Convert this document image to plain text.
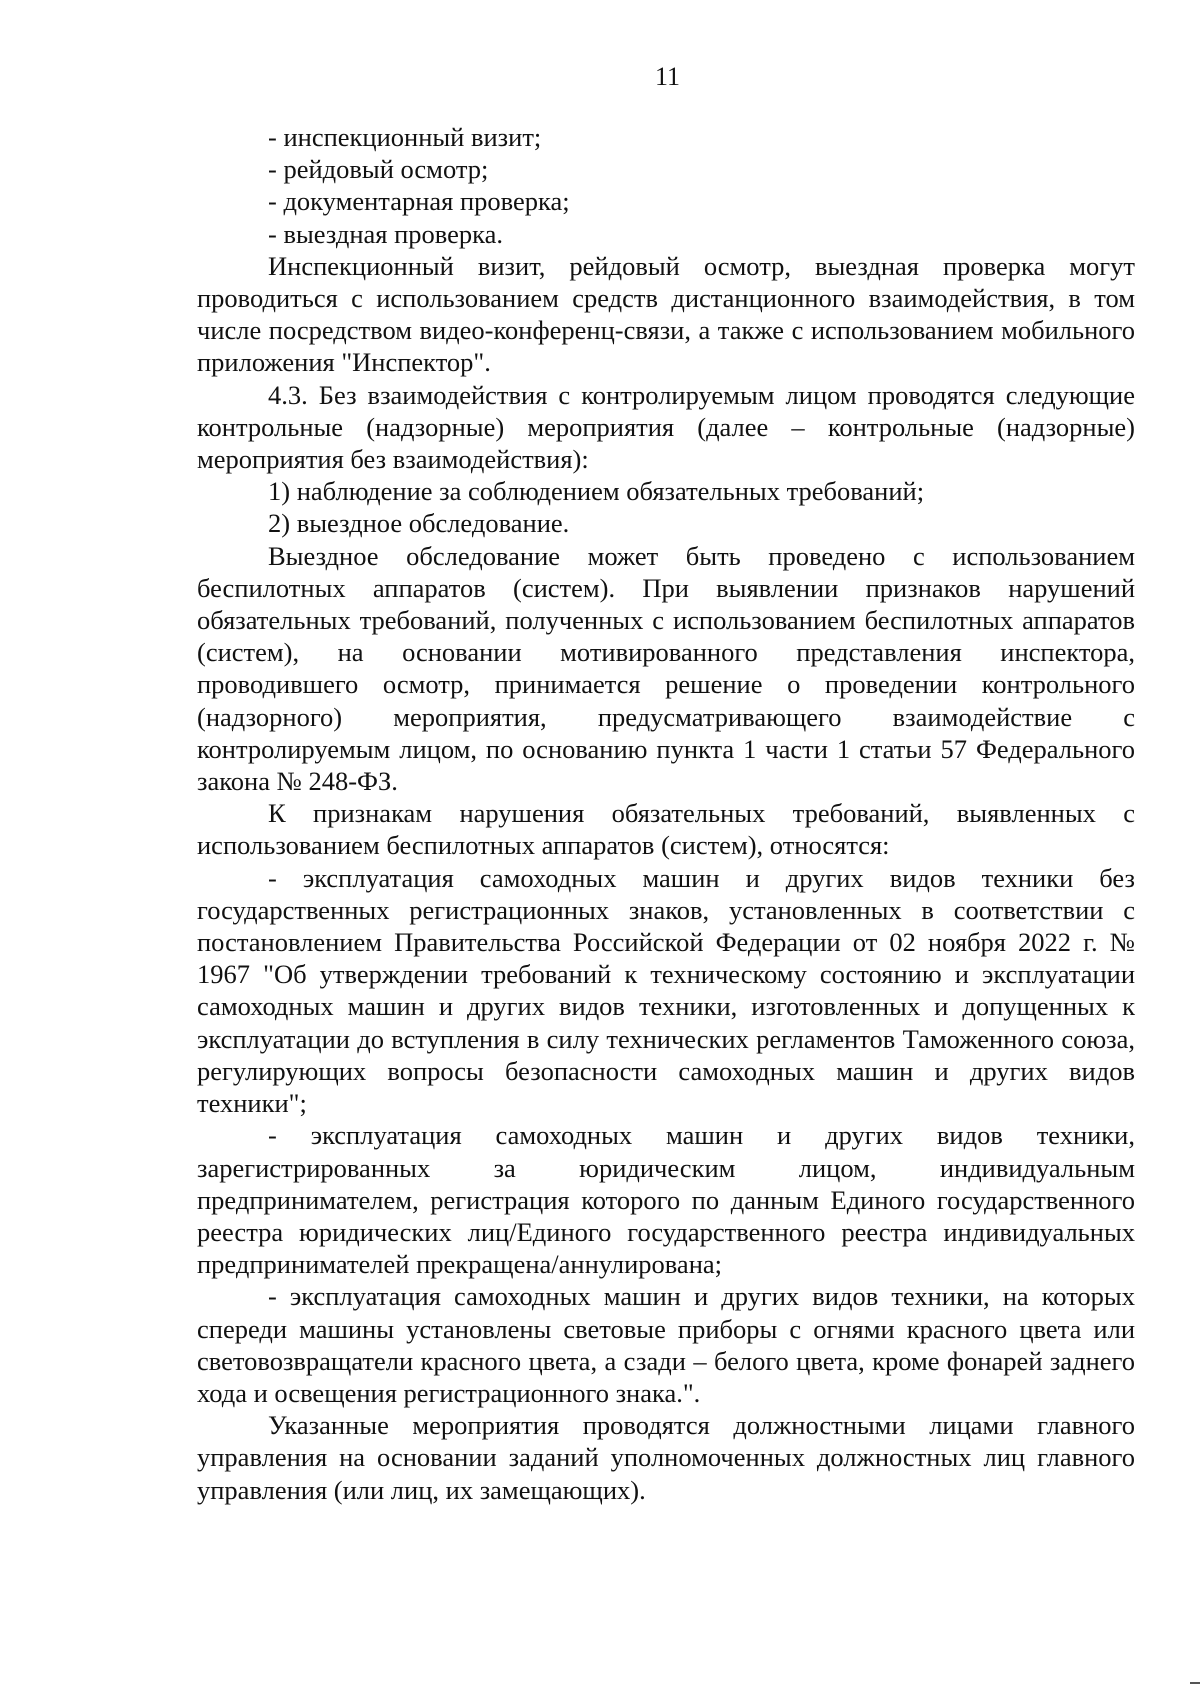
11

- инспекционный визит;

- рейдовый осмотр;

- документарная проверка;

- выездная проверка.

Инспекционный визит, рейдовый осмотр, выездная проверка могут проводиться с использованием средств дистанционного взаимодействия, в том числе посредством видео-конференц-связи, а также с использованием мобильного приложения "Инспектор".

4.3. Без взаимодействия с контролируемым лицом проводятся следующие контрольные (надзорные) мероприятия (далее – контрольные (надзорные) мероприятия без взаимодействия):

1) наблюдение за соблюдением обязательных требований;

2) выездное обследование.

Выездное обследование может быть проведено с использованием беспилотных аппаратов (систем). При выявлении признаков нарушений обязательных требований, полученных с использованием беспилотных аппаратов (систем), на основании мотивированного представления инспектора, проводившего осмотр, принимается решение о проведении контрольного (надзорного) мероприятия, предусматривающего взаимодействие с контролируемым лицом, по основанию пункта 1 части 1 статьи 57 Федерального закона № 248-ФЗ.

К признакам нарушения обязательных требований, выявленных с использованием беспилотных аппаратов (систем), относятся:

- эксплуатация самоходных машин и других видов техники без государственных регистрационных знаков, установленных в соответствии с постановлением Правительства Российской Федерации от 02 ноября 2022 г. № 1967 "Об утверждении требований к техническому состоянию и эксплуатации самоходных машин и других видов техники, изготовленных и допущенных к эксплуатации до вступления в силу технических регламентов Таможенного союза, регулирующих вопросы безопасности самоходных машин и других видов техники";

- эксплуатация самоходных машин и других видов техники, зарегистрированных за юридическим лицом, индивидуальным предпринимателем, регистрация которого по данным Единого государственного реестра юридических лиц/Единого государственного реестра индивидуальных предпринимателей прекращена/аннулирована;

- эксплуатация самоходных машин и других видов техники, на которых спереди машины установлены световые приборы с огнями красного цвета или световозвращатели красного цвета, а сзади – белого цвета, кроме фонарей заднего хода и освещения регистрационного знака.".

Указанные мероприятия проводятся должностными лицами главного управления на основании заданий уполномоченных должностных лиц главного управления (или лиц, их замещающих).
